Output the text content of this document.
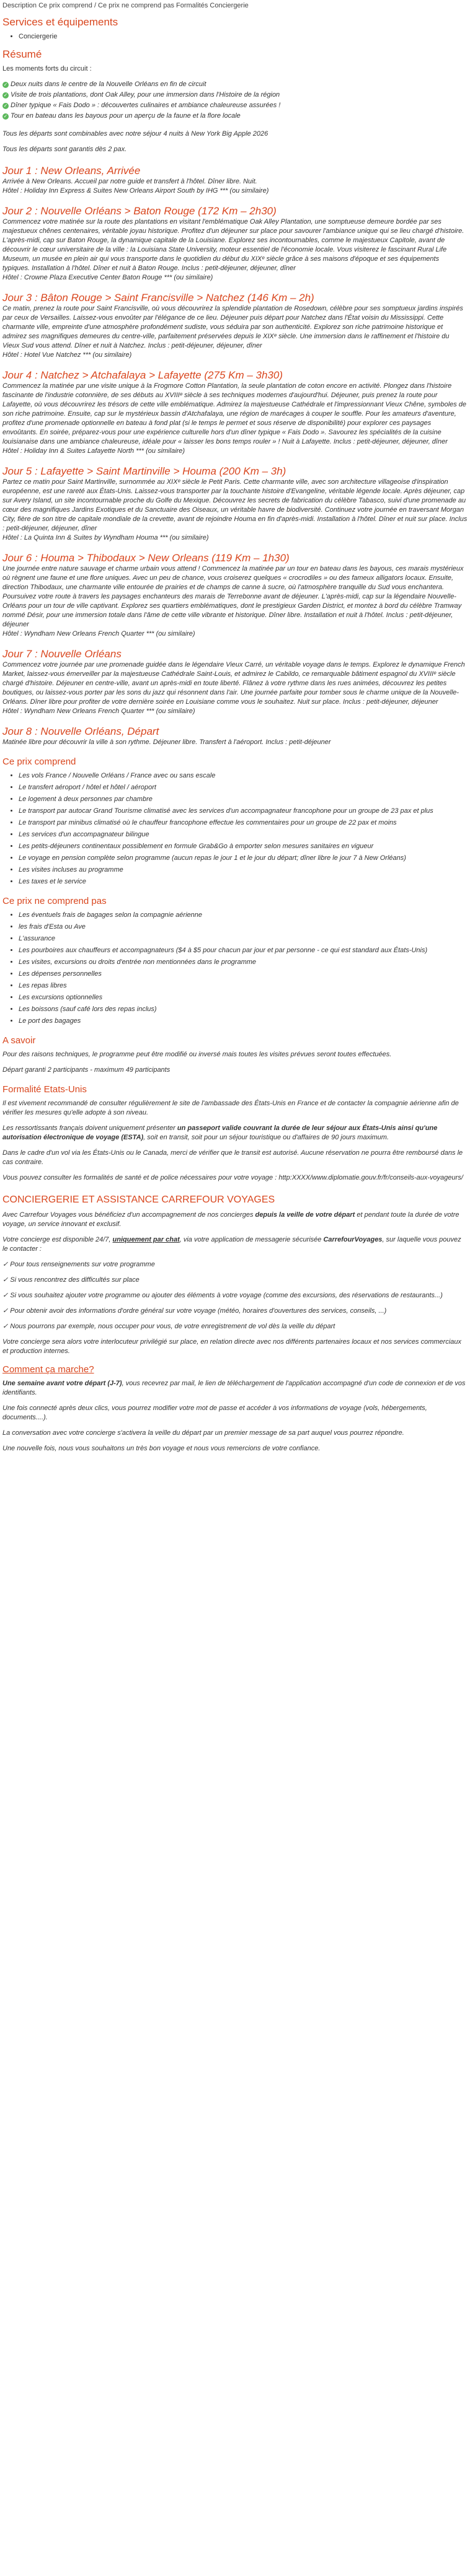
Description Ce prix comprend / Ce prix ne comprend pas Formalités Conciergerie
Services et équipements
• Conciergerie
Résumé

Les moments forts du circuit :

✓ Deux nuits dans le centre de la Nouvelle Orléans en fin de circuit
✓ Visite de trois plantations, dont Oak Alley, pour une immersion dans l'Histoire de la région
✓ Dîner typique « Fais Dodo » : découvertes culinaires et ambiance chaleureuse assurées !
✓ Tour en bateau dans les bayous pour un aperçu de la faune et la flore locale

Tous les départs sont combinables avec notre séjour 4 nuits à New York Big Apple 2026

Tous les départs sont garantis dès 2 pax.

Jour 1 : New Orleans, Arrivée

Arrivée à New Orleans. Accueil par notre guide et transfert à l'hôtel. Dîner libre. Nuit.

Hôtel : Holiday Inn Express & Suites New Orleans Airport South by IHG *** (ou similaire)

Jour 2 : Nouvelle Orléans > Baton Rouge (172 Km – 2h30)

Commencez votre matinée sur la route des plantations en visitant l'emblématique Oak Alley Plantation, une somptueuse demeure bordée par ses majestueux chênes centenaires, véritable joyau historique. Profitez d'un déjeuner sur place pour savourer l'ambiance unique qui se lieu chargé d'histoire. L'après-midi, cap sur Baton Rouge, la dynamique capitale de la Louisiane. Explorez ses incontournables, comme le majestueux Capitole, avant de découvrir le cœur universitaire de la ville : la Louisiana State University, moteur essentiel de l'économie locale. Vous visiterez le fascinant Rural Life Museum, un musée en plein air qui vous transporte dans le quotidien du début du XIXᵉ siècle grâce à ses maisons d'époque et ses équipements typiques. Installation à l'hôtel. Dîner et nuit à Baton Rouge. Inclus : petit-déjeuner, déjeuner, dîner

Hôtel : Crowne Plaza Executive Center Baton Rouge *** (ou similaire)

Jour 3 : Bâton Rouge > Saint Francisville > Natchez (146 Km – 2h)

Ce matin, prenez la route pour Saint Francisville, où vous découvrirez la splendide plantation de Rosedown, célèbre pour ses somptueux jardins inspirés par ceux de Versailles. Laissez-vous envoûter par l'élégance de ce lieu. Déjeuner puis départ pour Natchez dans l'État voisin du Mississippi. Cette charmante ville, empreinte d'une atmosphère profondément sudiste, vous séduira par son authenticité. Explorez son riche patrimoine historique et admirez ses magnifiques demeures du centre-ville, parfaitement préservées depuis le XIXᵉ siècle. Une immersion dans le raffinement et l'histoire du Vieux Sud vous attend. Dîner et nuit à Natchez. Inclus : petit-déjeuner, déjeuner, dîner

Hôtel : Hotel Vue Natchez *** (ou similaire)

Jour 4 : Natchez > Atchafalaya > Lafayette (275 Km – 3h30)

Commencez la matinée par une visite unique à la Frogmore Cotton Plantation, la seule plantation de coton encore en activité. Plongez dans l'histoire fascinante de l'industrie cotonnière, de ses débuts au XVIIIᵉ siècle à ses techniques modernes d'aujourd'hui. Déjeuner, puis prenez la route pour Lafayette, où vous découvrirez les trésors de cette ville emblématique. Admirez la majestueuse Cathédrale et l'impressionnant Vieux Chêne, symboles de son riche patrimoine. Ensuite, cap sur le mystérieux bassin d'Atchafalaya, une région de marécages à couper le souffle. Pour les amateurs d'aventure, profitez d'une promenade optionnelle en bateau à fond plat (si le temps le permet et sous réserve de disponibilité) pour explorer ces paysages envoûtants. En soirée, préparez-vous pour une expérience culturelle hors d'un dîner typique « Fais Dodo ». Savourez les spécialités de la cuisine louisianaise dans une ambiance chaleureuse, idéale pour « laisser les bons temps rouler » ! Nuit à Lafayette. Inclus : petit-déjeuner, déjeuner, dîner

Hôtel : Holiday Inn & Suites Lafayette North *** (ou similaire)

Jour 5 : Lafayette > Saint Martinville > Houma (200 Km – 3h)

Partez ce matin pour Saint Martinville, surnommée au XIXᵉ siècle le Petit Paris. Cette charmante ville, avec son architecture villageoise d'inspiration européenne, est une rareté aux États-Unis. Laissez-vous transporter par la touchante histoire d'Evangeline, véritable légende locale. Après déjeuner, cap sur Avery Island, un site incontournable proche du Golfe du Mexique. Découvrez les secrets de fabrication du célèbre Tabasco, suivi d'une promenade au cœur des magnifiques Jardins Exotiques et du Sanctuaire des Oiseaux, un véritable havre de biodiversité. Continuez votre journée en traversant Morgan City, fière de son titre de capitale mondiale de la crevette, avant de rejoindre Houma en fin d'après-midi. Installation à l'hôtel. Dîner et nuit sur place. Inclus : petit-déjeuner, déjeuner, dîner

Hôtel : La Quinta Inn & Suites by Wyndham Houma *** (ou similaire)

Jour 6 : Houma > Thibodaux > New Orleans (119 Km – 1h30)

Une journée entre nature sauvage et charme urbain vous attend ! Commencez la matinée par un tour en bateau dans les bayous, ces marais mystérieux où règnent une faune et une flore uniques. Avec un peu de chance, vous croiserez quelques « crocrodiles » ou des fameux alligators locaux. Ensuite, direction Thibodaux, une charmante ville entourée de prairies et de champs de canne à sucre, où l'atmosphère tranquille du Sud vous enchantera. Poursuivez votre route à travers les paysages enchanteurs des marais de Terrebonne avant de déjeuner. L'après-midi, cap sur la légendaire Nouvelle-Orléans pour un tour de ville captivant. Explorez ses quartiers emblématiques, dont le prestigieux Garden District, et montez à bord du célèbre Tramway nommé Désir, pour une immersion totale dans l'âme de cette ville vibrante et historique. Dîner libre. Installation et nuit à l'hôtel. Inclus : petit-déjeuner, déjeuner

Hôtel : Wyndham New Orleans French Quarter *** (ou similaire)

Jour 7 : Nouvelle Orléans

Commencez votre journée par une promenade guidée dans le légendaire Vieux Carré, un véritable voyage dans le temps. Explorez le dynamique French Market, laissez-vous émerveiller par la majestueuse Cathédrale Saint-Louis, et admirez le Cabildo, ce remarquable bâtiment espagnol du XVIIIᵉ siècle chargé d'histoire. Déjeuner en centre-ville, avant un après-midi en toute liberté. Flânez à votre rythme dans les rues animées, découvrez les petites boutiques, ou laissez-vous porter par les sons du jazz qui résonnent dans l'air. Une journée parfaite pour tomber sous le charme unique de la Nouvelle-Orléans. Dîner libre pour profiter de votre dernière soirée en Louisiane comme vous le souhaitez. Nuit sur place. Inclus : petit-déjeuner, déjeuner

Hôtel : Wyndham New Orleans French Quarter *** (ou similaire)

Jour 8 : Nouvelle Orléans, Départ

Matinée libre pour découvrir la ville à son rythme. Déjeuner libre. Transfert à l'aéroport. Inclus : petit-déjeuner

Ce prix comprend
• Les vols France / Nouvelle Orléans / France avec ou sans escale
• Le transfert aéroport / hôtel et hôtel / aéroport
• Le logement à deux personnes par chambre
• Le transport par autocar Grand Tourisme climatisé avec les services d'un accompagnateur francophone pour un groupe de 23 pax et plus
• Le transport par minibus climatisé où le chauffeur francophone effectue les commentaires pour un groupe de 22 pax et moins
• Les services d'un accompagnateur bilingue
• Les petits-déjeuners continentaux possiblement en formule Grab&Go à emporter selon mesures sanitaires en vigueur
• Le voyage en pension complète selon programme (aucun repas le jour 1 et le jour du départ; dîner libre le jour 7 à New Orléans)
• Les visites incluses au programme
• Les taxes et le service
Ce prix ne comprend pas
• Les éventuels frais de bagages selon la compagnie aérienne
• les frais d'Esta ou Ave
• L'assurance
• Les pourboires aux chauffeurs et accompagnateurs ($4 à $5 pour chacun par jour et par personne - ce qui est standard aux États-Unis)
• Les visites, excursions ou droits d'entrée non mentionnées dans le programme
• Les dépenses personnelles
• Les repas libres
• Les excursions optionnelles
• Les boissons (sauf café lors des repas inclus)
• Le port des bagages
A savoir

Pour des raisons techniques, le programme peut être modifié ou inversé mais toutes les visites prévues seront toutes effectuées.

Départ garanti 2 participants - maximum 49 participants

Formalité Etats-Unis

Il est vivement recommandé de consulter régulièrement le site de l'ambassade des États-Unis en France et de contacter la compagnie aérienne afin de vérifier les mesures qu'elle adopte à son niveau.

Les ressortissants français doivent uniquement présenter un passeport valide couvrant la durée de leur séjour aux États-Unis ainsi qu'une autorisation électronique de voyage (ESTA), soit en transit, soit pour un séjour touristique ou d'affaires de 90 jours maximum.

Dans le cadre d'un vol via les États-Unis ou le Canada, merci de vérifier que le transit est autorisé. Aucune réservation ne pourra être remboursé dans le cas contraire.

Vous pouvez consulter les formalités de santé et de police nécessaires pour votre voyage : http:XXXX/www.diplomatie.gouv.fr/fr/conseils-aux-voyageurs/

CONCIERGERIE ET ASSISTANCE CARREFOUR VOYAGES

Avec Carrefour Voyages vous bénéficiez d'un accompagnement de nos concierges depuis la veille de votre départ et pendant toute la durée de votre voyage, un service innovant et exclusif.

Votre concierge est disponible 24/7, uniquement par chat, via votre application de messagerie sécurisée CarrefourVoyages, sur laquelle vous pouvez le contacter :

✓ Pour tous renseignements sur votre programme

✓ Si vous rencontrez des difficultés sur place

✓ Si vous souhaitez ajouter votre programme ou ajouter des éléments à votre voyage (comme des excursions, des réservations de restaurants...)

✓ Pour obtenir avoir des informations d'ordre général sur votre voyage (météo, horaires d'ouvertures des services, conseils, ...)

✓ Nous pourrons par exemple, nous occuper pour vous, de votre enregistrement de vol dès la veille du départ

Votre concierge sera alors votre interlocuteur privilégié sur place, en relation directe avec nos différents partenaires locaux et nos services commerciaux et production internes.

Comment ça marche?

Une semaine avant votre départ (J-7), vous recevrez par mail, le lien de téléchargement de l'application accompagné d'un code de connexion et de vos identifiants.

Une fois connecté après deux clics, vous pourrez modifier votre mot de passe et accéder à vos informations de voyage (vols, hébergements, documents....).

La conversation avec votre concierge s'activera la veille du départ par un premier message de sa part auquel vous pourrez répondre.

Une nouvelle fois, nous vous souhaitons un très bon voyage et nous vous remercions de votre confiance.
